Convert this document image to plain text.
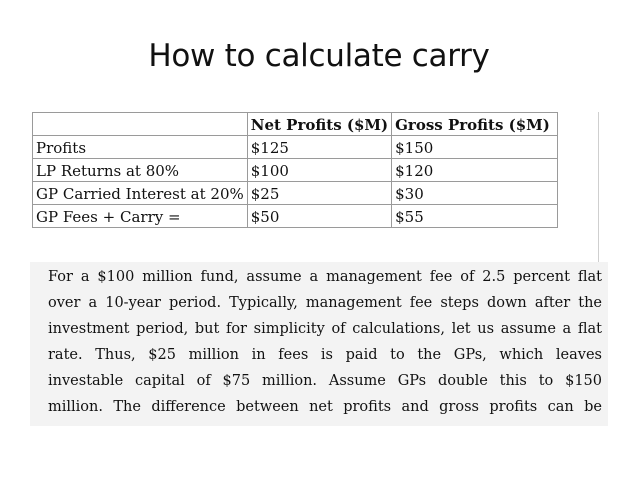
How to calculate carry
	Net Profits ($M)	Gross Profits ($M)
Profits	$125	$150
LP Returns at 80%	$100	$120
GP Carried Interest at 20%	$25	$30
GP Fees + Carry =	$50	$55
For a $100 million fund, assume a management fee of 2.5 percent flat
over a 10-year period. Typically, management fee steps down after the
investment period, but for simplicity of calculations, let us assume a flat
rate. Thus, $25 million in fees is paid to the GPs, which leaves
investable capital of $75 million. Assume GPs double this to $150
million. The difference between net profits and gross profits can be
